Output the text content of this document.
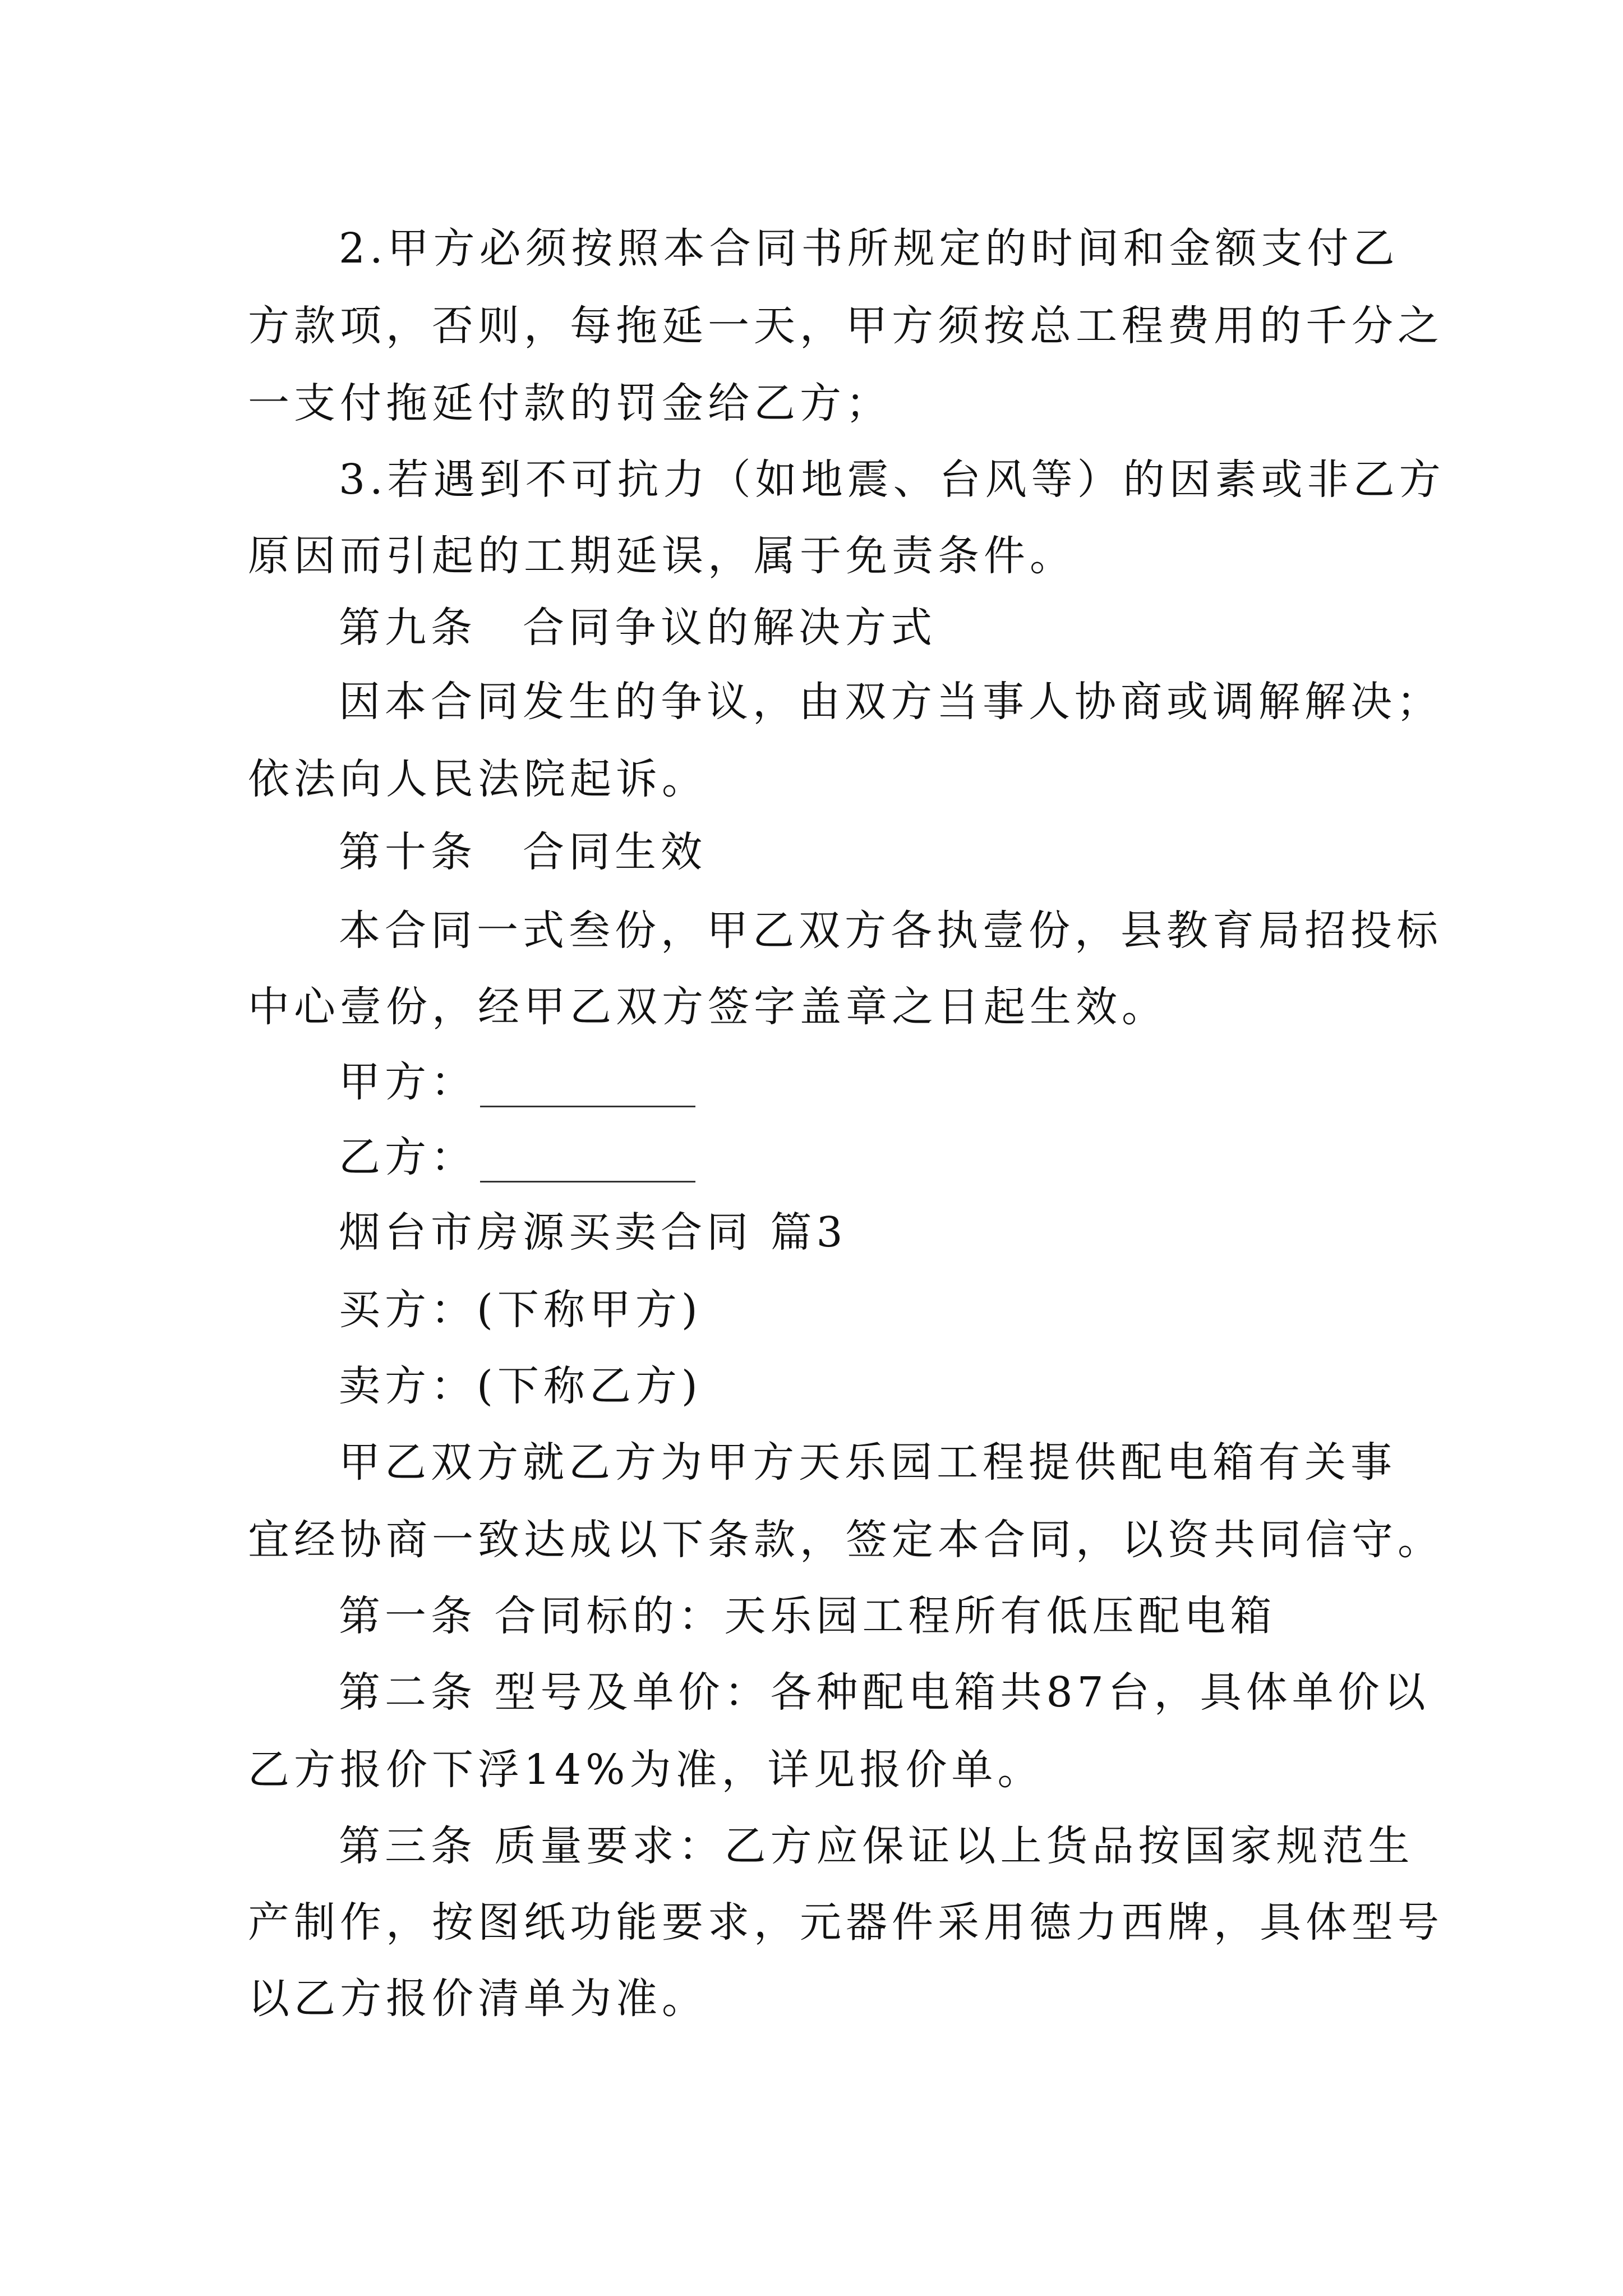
2.甲方必须按照本合同书所规定的时间和金额支付乙
方款项，否则，每拖延一天，甲方须按总工程费用的千分之
一支付拖延付款的罚金给乙方；
3.若遇到不可抗力（如地震、台风等）的因素或非乙方
原因而引起的工期延误，属于免责条件。
第九条　合同争议的解决方式
因本合同发生的争议，由双方当事人协商或调解解决；
依法向人民法院起诉。
第十条　合同生效
本合同一式叁份，甲乙双方各执壹份，县教育局招投标
中心壹份，经甲乙双方签字盖章之日起生效。
甲方：
乙方：
烟台市房源买卖合同 篇3
买方：(下称甲方)
卖方：(下称乙方)
甲乙双方就乙方为甲方天乐园工程提供配电箱有关事
宜经协商一致达成以下条款，签定本合同，以资共同信守。
第一条 合同标的：天乐园工程所有低压配电箱
第二条 型号及单价：各种配电箱共87台，具体单价以
乙方报价下浮14%为准，详见报价单。
第三条 质量要求：乙方应保证以上货品按国家规范生
产制作，按图纸功能要求，元器件采用德力西牌，具体型号
以乙方报价清单为准。
